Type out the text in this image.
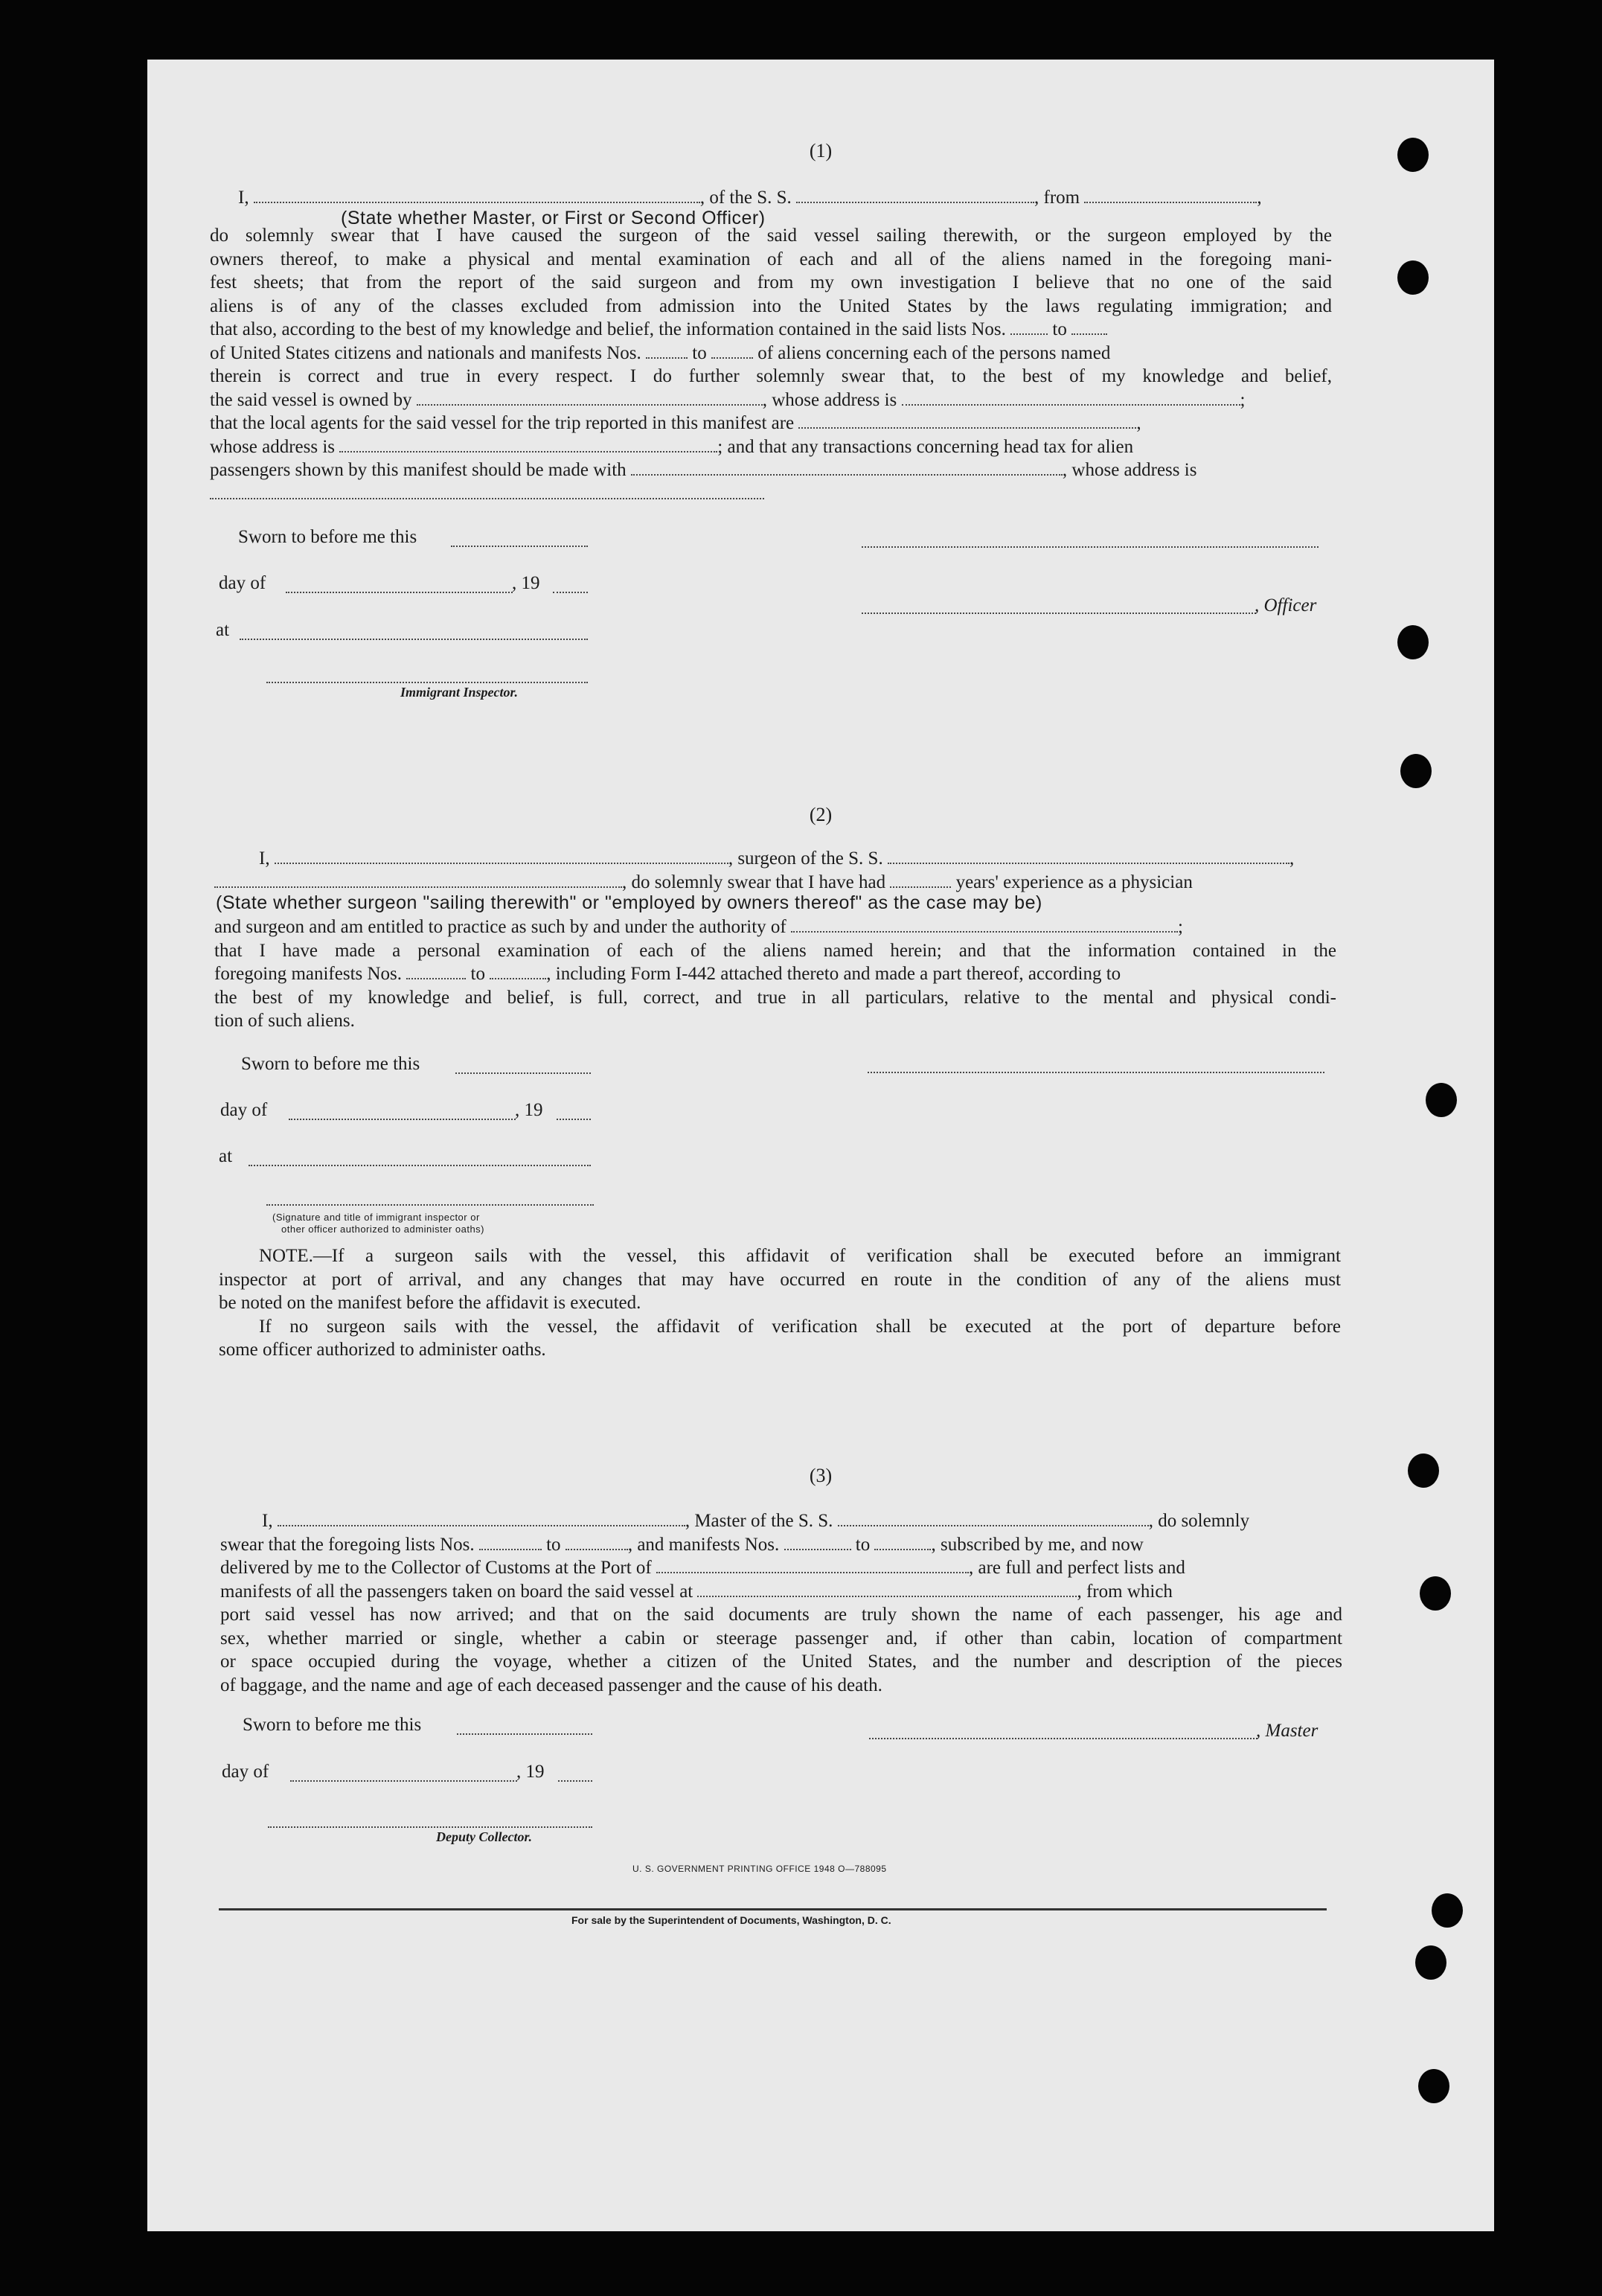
(1)
I,	, of the S. S.	, from	,
(State whether Master, or First or Second Officer)
do solemnly swear that I have caused the surgeon of the said vessel sailing therewith, or the surgeon employed by the
owners thereof, to make a physical and mental examination of each and all of the aliens named in the foregoing mani-
fest sheets; that from the report of the said surgeon and from my own investigation I believe that no one of the said
aliens is of any of the classes excluded from admission into the United States by the laws regulating immigration; and
that also, according to the best of my knowledge and belief, the information contained in the said lists Nos.	to
of United States citizens and nationals and manifests Nos.	to	of aliens concerning each of the persons named
therein is correct and true in every respect. I do further solemnly swear that, to the best of my knowledge and belief,
the said vessel is owned by	, whose address is	;
that the local agents for the said vessel for the trip reported in this manifest are	,
whose address is	; and that any transactions concerning head tax for alien
passengers shown by this manifest should be made with	, whose address is
Sworn to before me this
day of	, 19
at
Immigrant Inspector.
, Officer
(2)
I,	, surgeon of the S. S.	,
, do solemnly swear that I have had	years' experience as a physician
(State whether surgeon "sailing therewith" or "employed by owners thereof" as the case may be)
and surgeon and am entitled to practice as such by and under the authority of	;
that I have made a personal examination of each of the aliens named herein; and that the information contained in the
foregoing manifests Nos.	to	, including Form I-442 attached thereto and made a part thereof, according to
the best of my knowledge and belief, is full, correct, and true in all particulars, relative to the mental and physical condi-
tion of such aliens.
Sworn to before me this
day of	, 19
at
(Signature and title of immigrant inspector or
other officer authorized to administer oaths)
NOTE.—If a surgeon sails with the vessel, this affidavit of verification shall be executed before an immigrant
inspector at port of arrival, and any changes that may have occurred en route in the condition of any of the aliens must
be noted on the manifest before the affidavit is executed.
If no surgeon sails with the vessel, the affidavit of verification shall be executed at the port of departure before
some officer authorized to administer oaths.
(3)
I,	, Master of the S. S.	, do solemnly
swear that the foregoing lists Nos.	to	, and manifests Nos.	to	, subscribed by me, and now
delivered by me to the Collector of Customs at the Port of	, are full and perfect lists and
manifests of all the passengers taken on board the said vessel at	, from which
port said vessel has now arrived; and that on the said documents are truly shown the name of each passenger, his age and
sex, whether married or single, whether a cabin or steerage passenger and, if other than cabin, location of compartment
or space occupied during the voyage, whether a citizen of the United States, and the number and description of the pieces
of baggage, and the name and age of each deceased passenger and the cause of his death.
Sworn to before me this
day of	, 19
Deputy Collector.
, Master
U. S. GOVERNMENT PRINTING OFFICE 1948 O—788095
For sale by the Superintendent of Documents, Washington, D. C.
